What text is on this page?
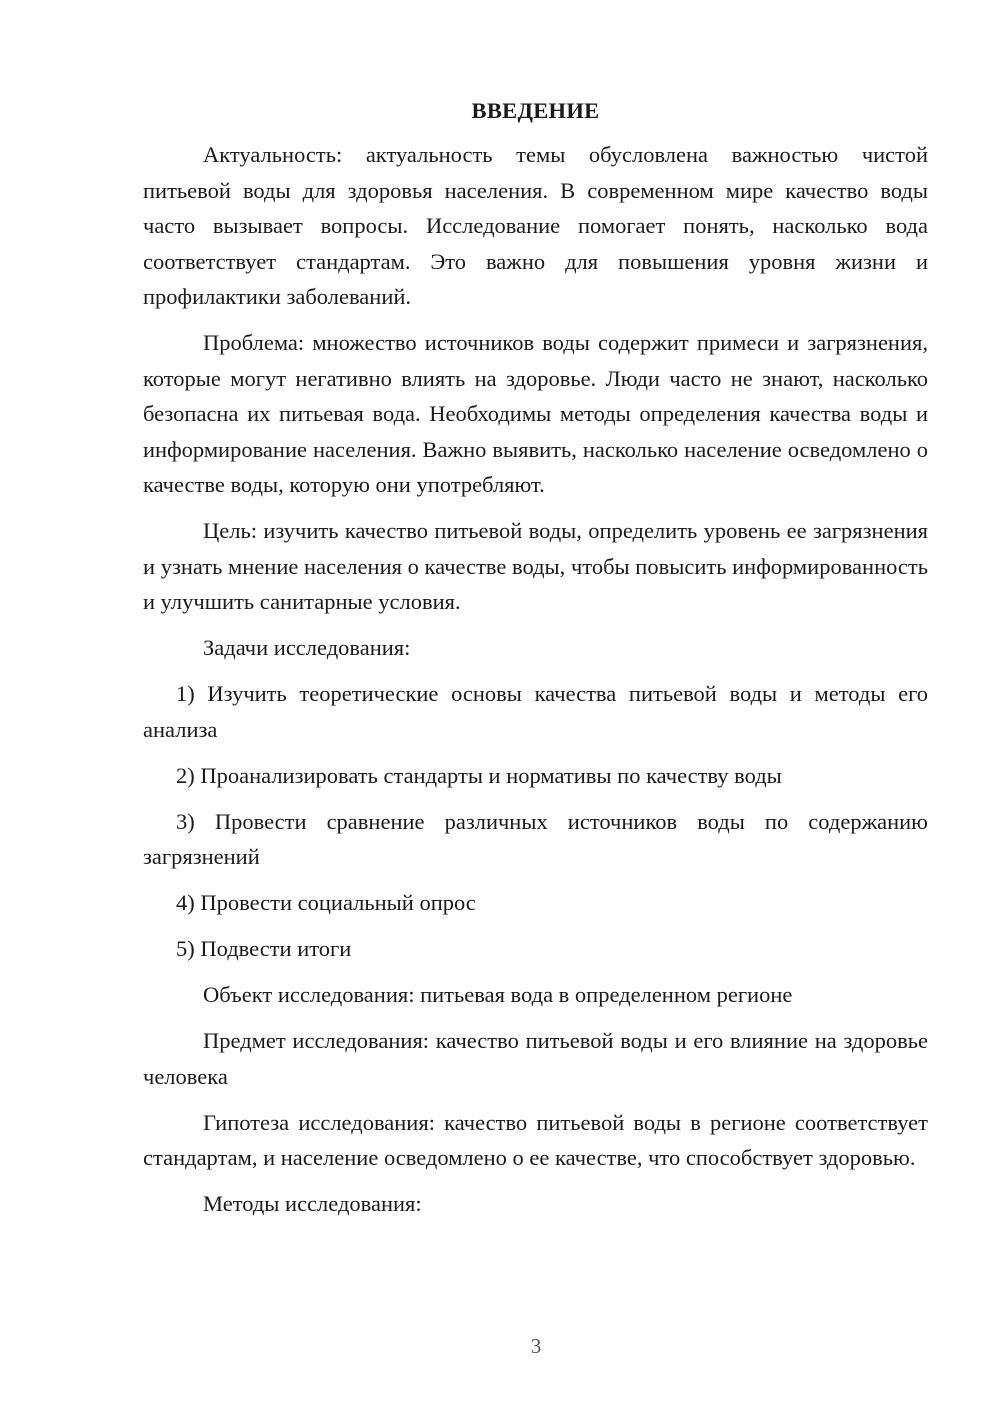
ВВЕДЕНИЕ

Актуальность: актуальность темы обусловлена важностью чистой питьевой воды для здоровья населения. В современном мире качество воды часто вызывает вопросы. Исследование помогает понять, насколько вода соответствует стандартам. Это важно для повышения уровня жизни и профилактики заболеваний.

Проблема: множество источников воды содержит примеси и загрязнения, которые могут негативно влиять на здоровье. Люди часто не знают, насколько безопасна их питьевая вода. Необходимы методы определения качества воды и информирование населения. Важно выявить, насколько население осведомлено о качестве воды, которую они употребляют.

Цель: изучить качество питьевой воды, определить уровень ее загрязнения и узнать мнение населения о качестве воды, чтобы повысить информированность и улучшить санитарные условия.

Задачи исследования:

1) Изучить теоретические основы качества питьевой воды и методы его анализа

2) Проанализировать стандарты и нормативы по качеству воды

3) Провести сравнение различных источников воды по содержанию загрязнений

4) Провести социальный опрос

5) Подвести итоги

Объект исследования: питьевая вода в определенном регионе

Предмет исследования: качество питьевой воды и его влияние на здоровье человека

Гипотеза исследования: качество питьевой воды в регионе соответствует стандартам, и население осведомлено о ее качестве, что способствует здоровью.

Методы исследования:

3
